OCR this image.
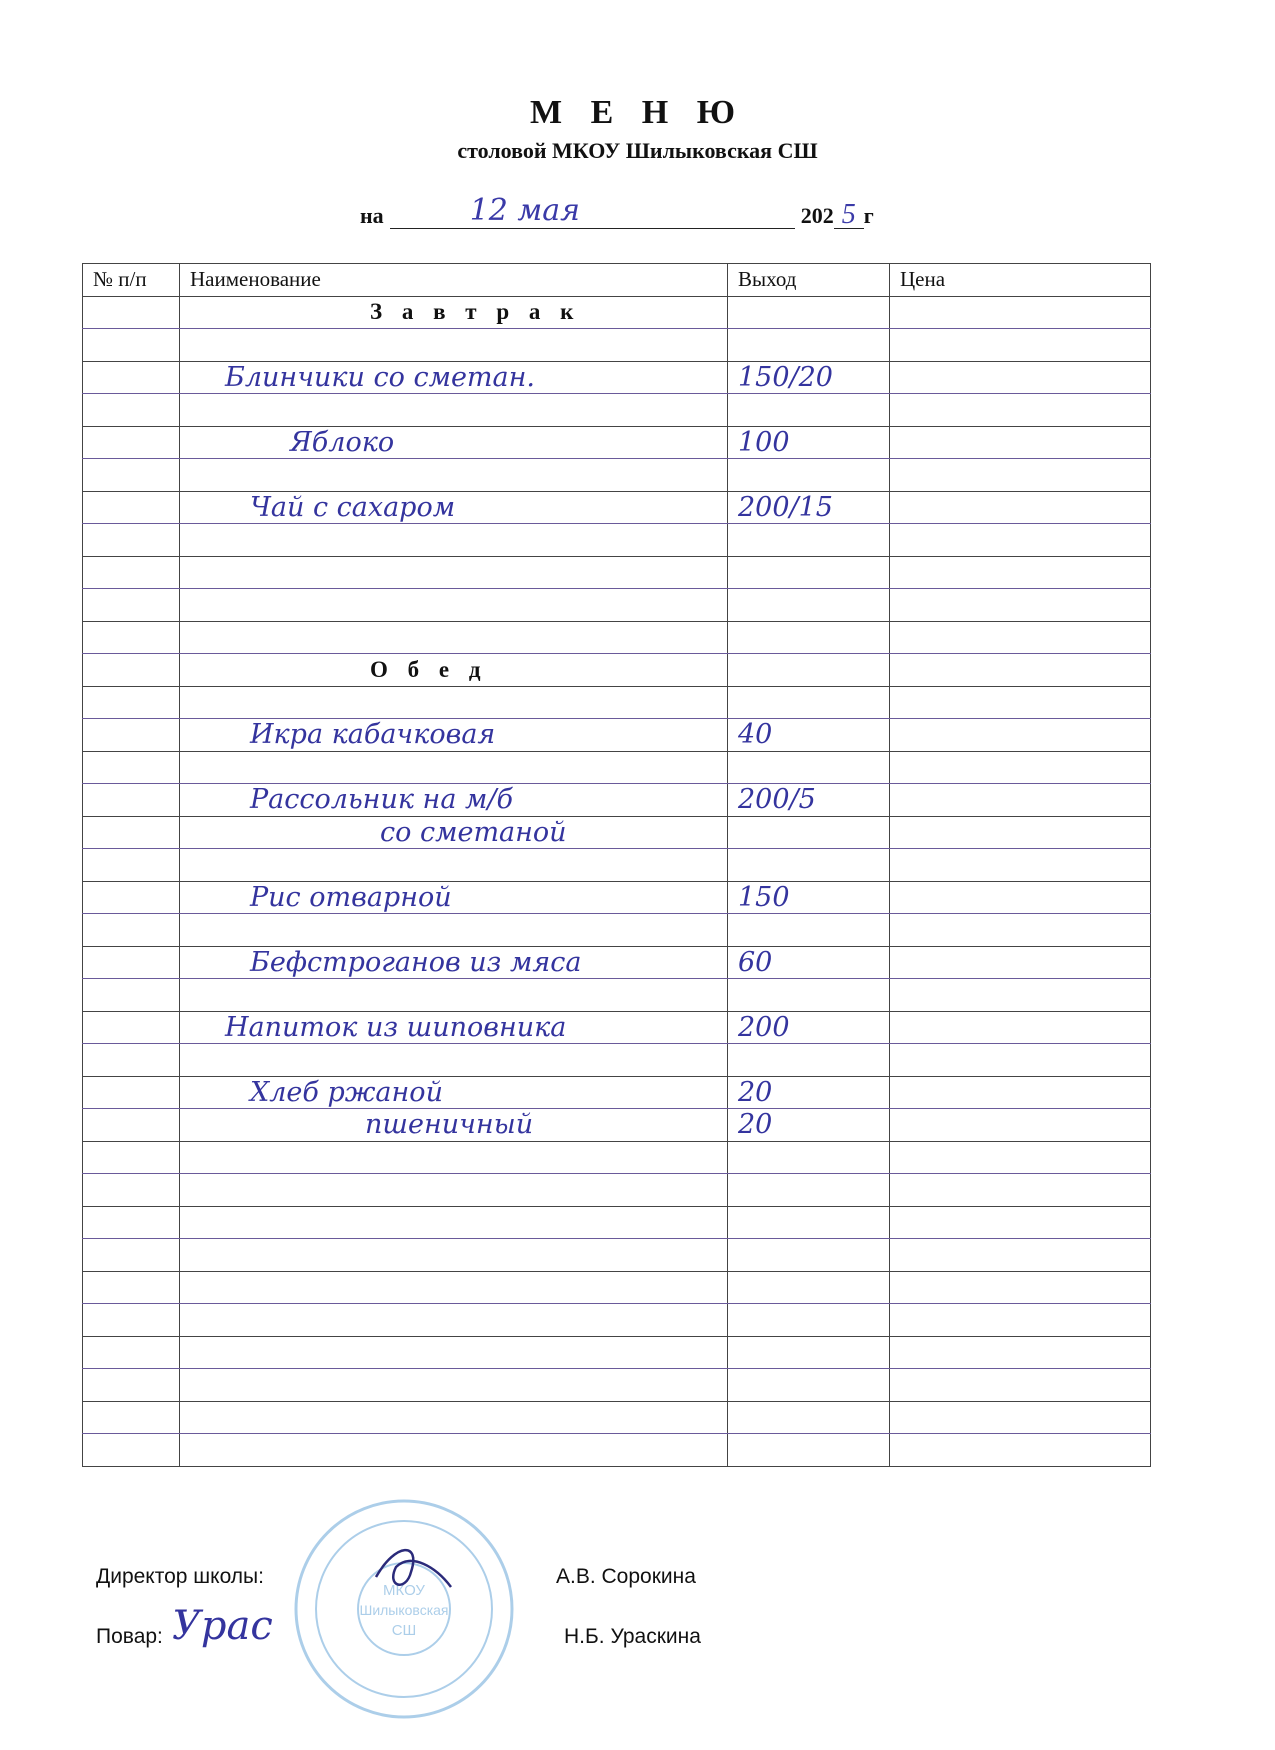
М Е Н Ю
столовой МКОУ Шилыковская СШ
на	12 мая	202 5 г
№ п/п	Наименование	Выход	Цена
	З а в т р а к		

	Блинчики со сметан.	150/20	

	Яблоко	100	

	Чай с сахаром	200/15	

	О б е д		

	Икра кабачковая	40	

	Рассольник на м/б	200/5	
	со сметаной		

	Рис отварной	150	

	Бефстроганов из мяса	60	

	Напиток из шиповника	200	

	Хлеб ржаной	20	
	пшеничный	20	

МКОУ
Шилыковская
СШ
Директор школы:	А.В. Сорокина
Повар: Урас	Н.Б. Ураскина
